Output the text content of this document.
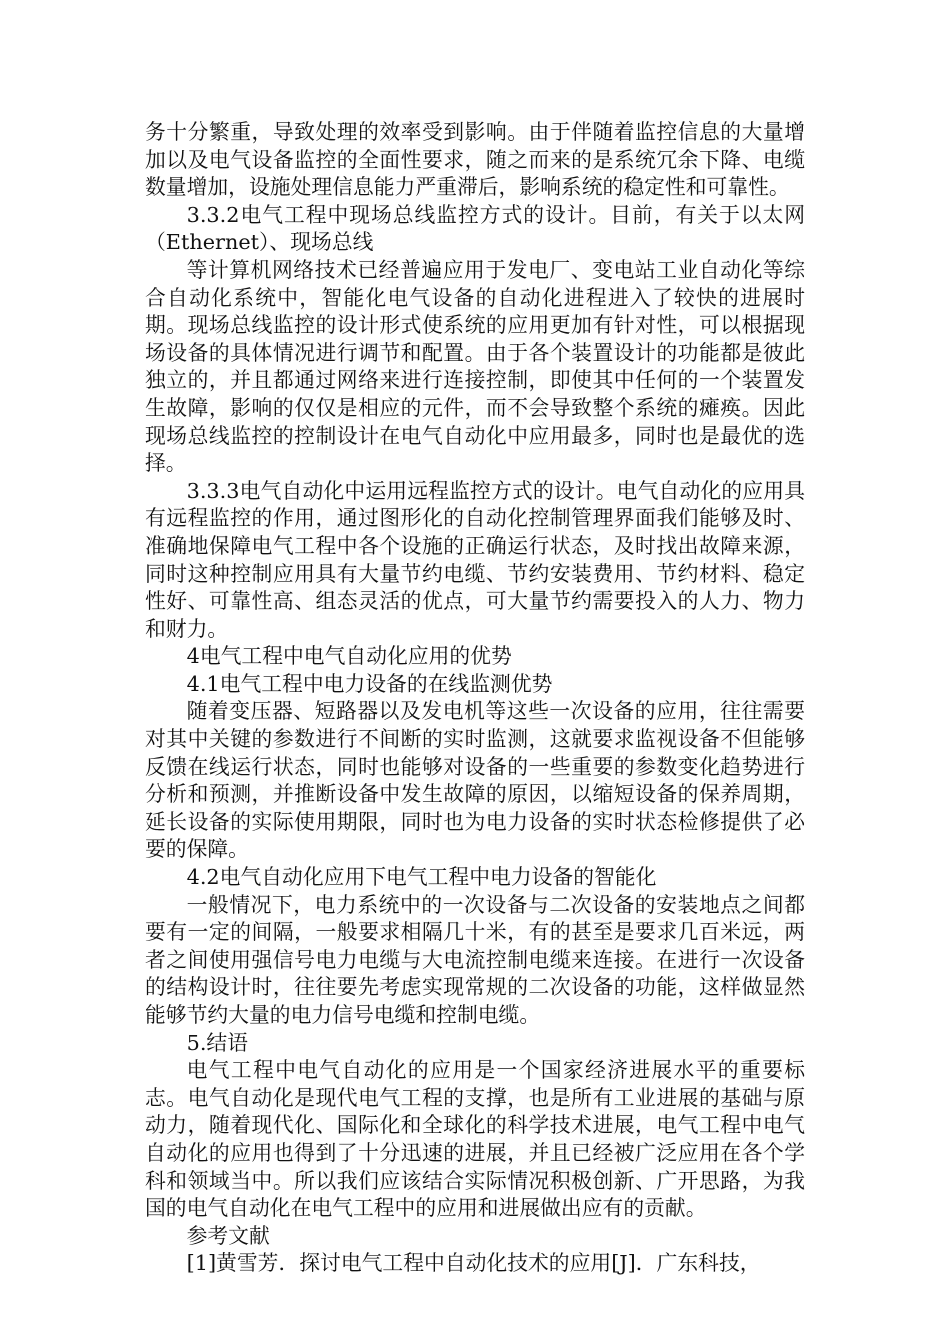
务十分繁重，导致处理的效率受到影响。由于伴随着监控信息的大量增加以及电气设备监控的全面性要求，随之而来的是系统冗余下降、电缆数量增加，设施处理信息能力严重滞后，影响系统的稳定性和可靠性。

3.3.2电气工程中现场总线监控方式的设计。目前，有关于以太网（Ethernet）、现场总线

等计算机网络技术已经普遍应用于发电厂、变电站工业自动化等综合自动化系统中，智能化电气设备的自动化进程进入了较快的进展时期。现场总线监控的设计形式使系统的应用更加有针对性，可以根据现场设备的具体情况进行调节和配置。由于各个装置设计的功能都是彼此独立的，并且都通过网络来进行连接控制，即使其中任何的一个装置发生故障，影响的仅仅是相应的元件，而不会导致整个系统的瘫痪。因此现场总线监控的控制设计在电气自动化中应用最多，同时也是最优的选择。

3.3.3电气自动化中运用远程监控方式的设计。电气自动化的应用具有远程监控的作用，通过图形化的自动化控制管理界面我们能够及时、准确地保障电气工程中各个设施的正确运行状态，及时找出故障来源，同时这种控制应用具有大量节约电缆、节约安装费用、节约材料、稳定性好、可靠性高、组态灵活的优点，可大量节约需要投入的人力、物力和财力。

4电气工程中电气自动化应用的优势

4.1电气工程中电力设备的在线监测优势

随着变压器、短路器以及发电机等这些一次设备的应用，往往需要对其中关键的参数进行不间断的实时监测，这就要求监视设备不但能够反馈在线运行状态，同时也能够对设备的一些重要的参数变化趋势进行分析和预测，并推断设备中发生故障的原因，以缩短设备的保养周期，延长设备的实际使用期限，同时也为电力设备的实时状态检修提供了必要的保障。

4.2电气自动化应用下电气工程中电力设备的智能化

一般情况下，电力系统中的一次设备与二次设备的安装地点之间都要有一定的间隔，一般要求相隔几十米，有的甚至是要求几百米远，两者之间使用强信号电力电缆与大电流控制电缆来连接。在进行一次设备的结构设计时，往往要先考虑实现常规的二次设备的功能，这样做显然能够节约大量的电力信号电缆和控制电缆。

5.结语

电气工程中电气自动化的应用是一个国家经济进展水平的重要标志。电气自动化是现代电气工程的支撑，也是所有工业进展的基础与原动力，随着现代化、国际化和全球化的科学技术进展，电气工程中电气自动化的应用也得到了十分迅速的进展，并且已经被广泛应用在各个学科和领域当中。所以我们应该结合实际情况积极创新、广开思路，为我国的电气自动化在电气工程中的应用和进展做出应有的贡献。

参考文献

[1]黄雪芳．探讨电气工程中自动化技术的应用[J]．广东科技，
